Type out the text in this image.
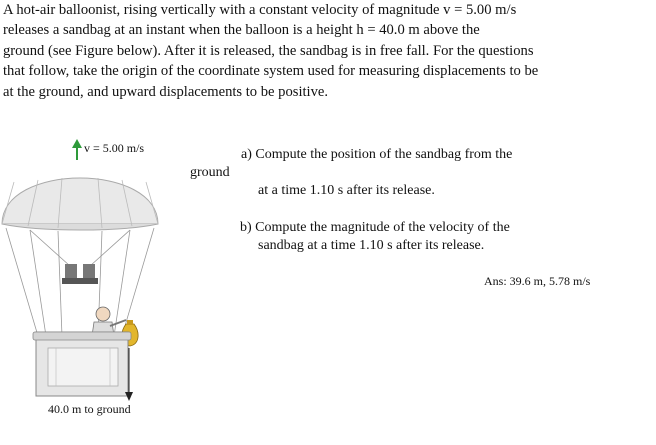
A hot-air balloonist, rising vertically with a constant velocity of magnitude v = 5.00 m/s
releases a sandbag at an instant when the balloon is a height h = 40.0 m above the
ground (see Figure below). After it is released, the sandbag is in free fall. For the questions
that follow, take the origin of the coordinate system used for measuring displacements to be
at the ground, and upward displacements to be positive.
v = 5.00 m/s
40.0 m to ground
a) Compute the position of the sandbag from the
ground
at a time 1.10 s after its release.
b) Compute the magnitude of the velocity of the
sandbag at a time 1.10 s after its release.
Ans: 39.6 m, 5.78 m/s
